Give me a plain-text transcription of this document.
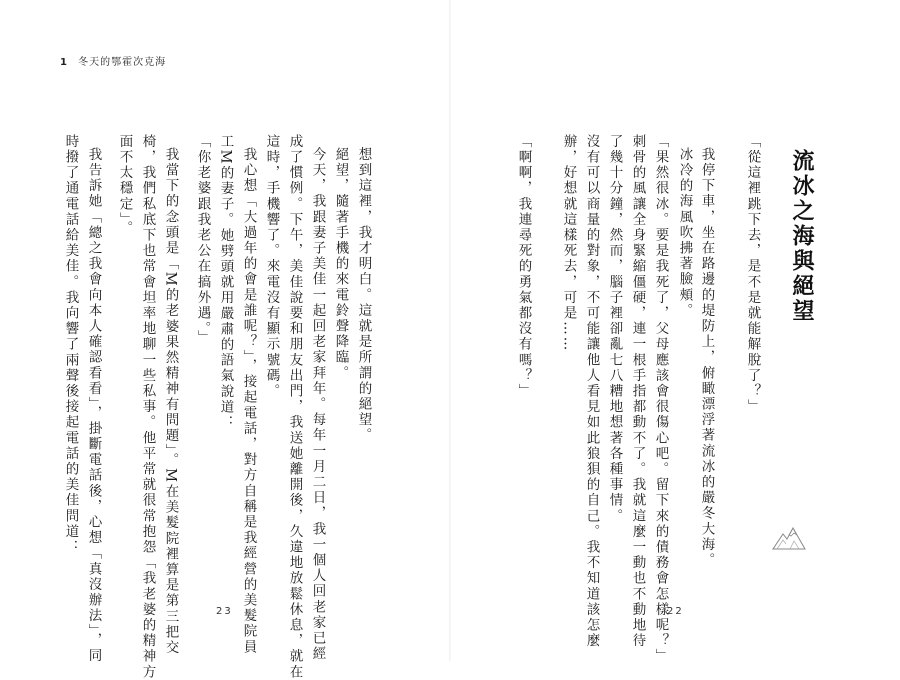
1 冬天的鄂霍次克海
流冰之海與絕望
「從這裡跳下去，是不是就能解脫了？」
我停下車，坐在路邊的堤防上，俯瞰漂浮著流冰的嚴冬大海。
冰冷的海風吹拂著臉頰。
「果然很冰。要是我死了，父母應該會很傷心吧。留下來的債務會怎樣呢？」
刺骨的風讓全身緊縮僵硬，連一根手指都動不了。我就這麼一動也不動地待
了幾十分鐘，然而，腦子裡卻亂七八糟地想著各種事情。
沒有可以商量的對象，不可能讓他人看見如此狼狽的自己。我不知道該怎麼
辦，好想就這樣死去，可是……
「啊啊，我連尋死的勇氣都沒有嗎？」
22
想到這裡，我才明白。這就是所謂的絕望。
絕望，隨著手機的來電鈴聲降臨。
今天，我跟妻子美佳一起回老家拜年。每年一月二日，我一個人回老家已經
成了慣例。下午，美佳說要和朋友出門，我送她離開後，久違地放鬆休息，就在
這時，手機響了。來電沒有顯示號碼。
我心想「大過年的會是誰呢？」，接起電話，對方自稱是我經營的美髮院員
工M的妻子。她劈頭就用嚴肅的語氣說道：
「你老婆跟我老公在搞外遇。」
我當下的念頭是「M的老婆果然精神有問題」。M在美髮院裡算是第三把交
椅，我們私底下也常會坦率地聊一些私事。他平常就很常抱怨「我老婆的精神方
面不太穩定」。
我告訴她「總之我會向本人確認看看」，掛斷電話後，心想「真沒辦法」，同
時撥了通電話給美佳。我向響了兩聲後接起電話的美佳問道：
23
